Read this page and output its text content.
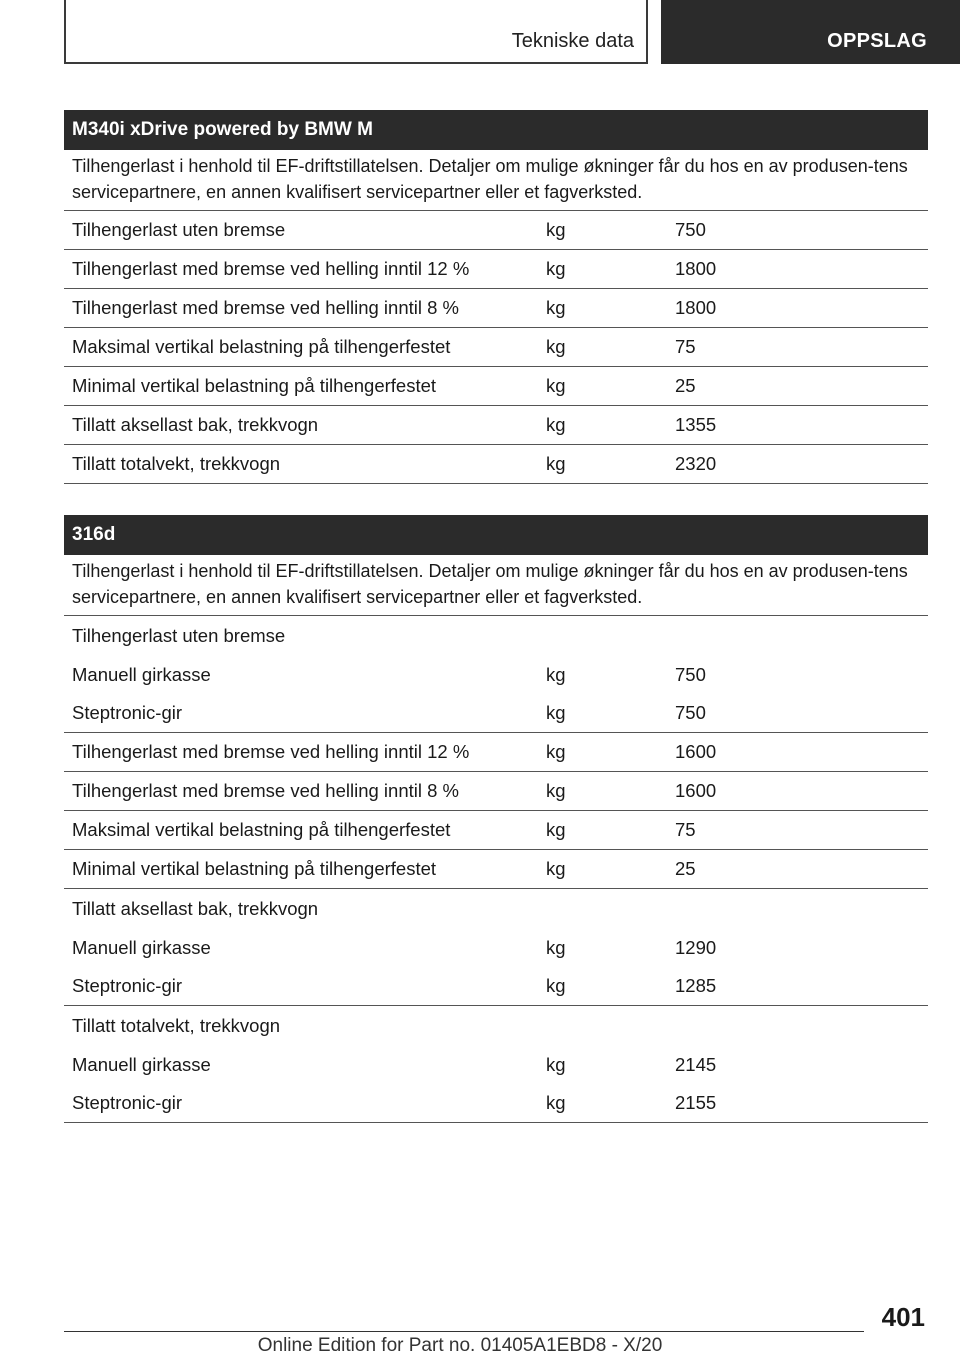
Tekniske data	OPPSLAG
M340i xDrive powered by BMW M
Tilhengerlast i henhold til EF-driftstillatelsen. Detaljer om mulige økninger får du hos en av produsen-tens servicepartnere, en annen kvalifisert servicepartner eller et fagverksted.
Tilhengerlast uten bremse	kg	750
Tilhengerlast med bremse ved helling inntil 12 %	kg	1800
Tilhengerlast med bremse ved helling inntil 8 %	kg	1800
Maksimal vertikal belastning på tilhengerfestet	kg	75
Minimal vertikal belastning på tilhengerfestet	kg	25
Tillatt aksellast bak, trekkvogn	kg	1355
Tillatt totalvekt, trekkvogn	kg	2320
316d
Tilhengerlast i henhold til EF-driftstillatelsen. Detaljer om mulige økninger får du hos en av produsen-tens servicepartnere, en annen kvalifisert servicepartner eller et fagverksted.
Tilhengerlast uten bremse
Manuell girkasse	kg	750
Steptronic-gir	kg	750
Tilhengerlast med bremse ved helling inntil 12 %	kg	1600
Tilhengerlast med bremse ved helling inntil 8 %	kg	1600
Maksimal vertikal belastning på tilhengerfestet	kg	75
Minimal vertikal belastning på tilhengerfestet	kg	25
Tillatt aksellast bak, trekkvogn
Manuell girkasse	kg	1290
Steptronic-gir	kg	1285
Tillatt totalvekt, trekkvogn
Manuell girkasse	kg	2145
Steptronic-gir	kg	2155
401
Online Edition for Part no. 01405A1EBD8 - X/20
